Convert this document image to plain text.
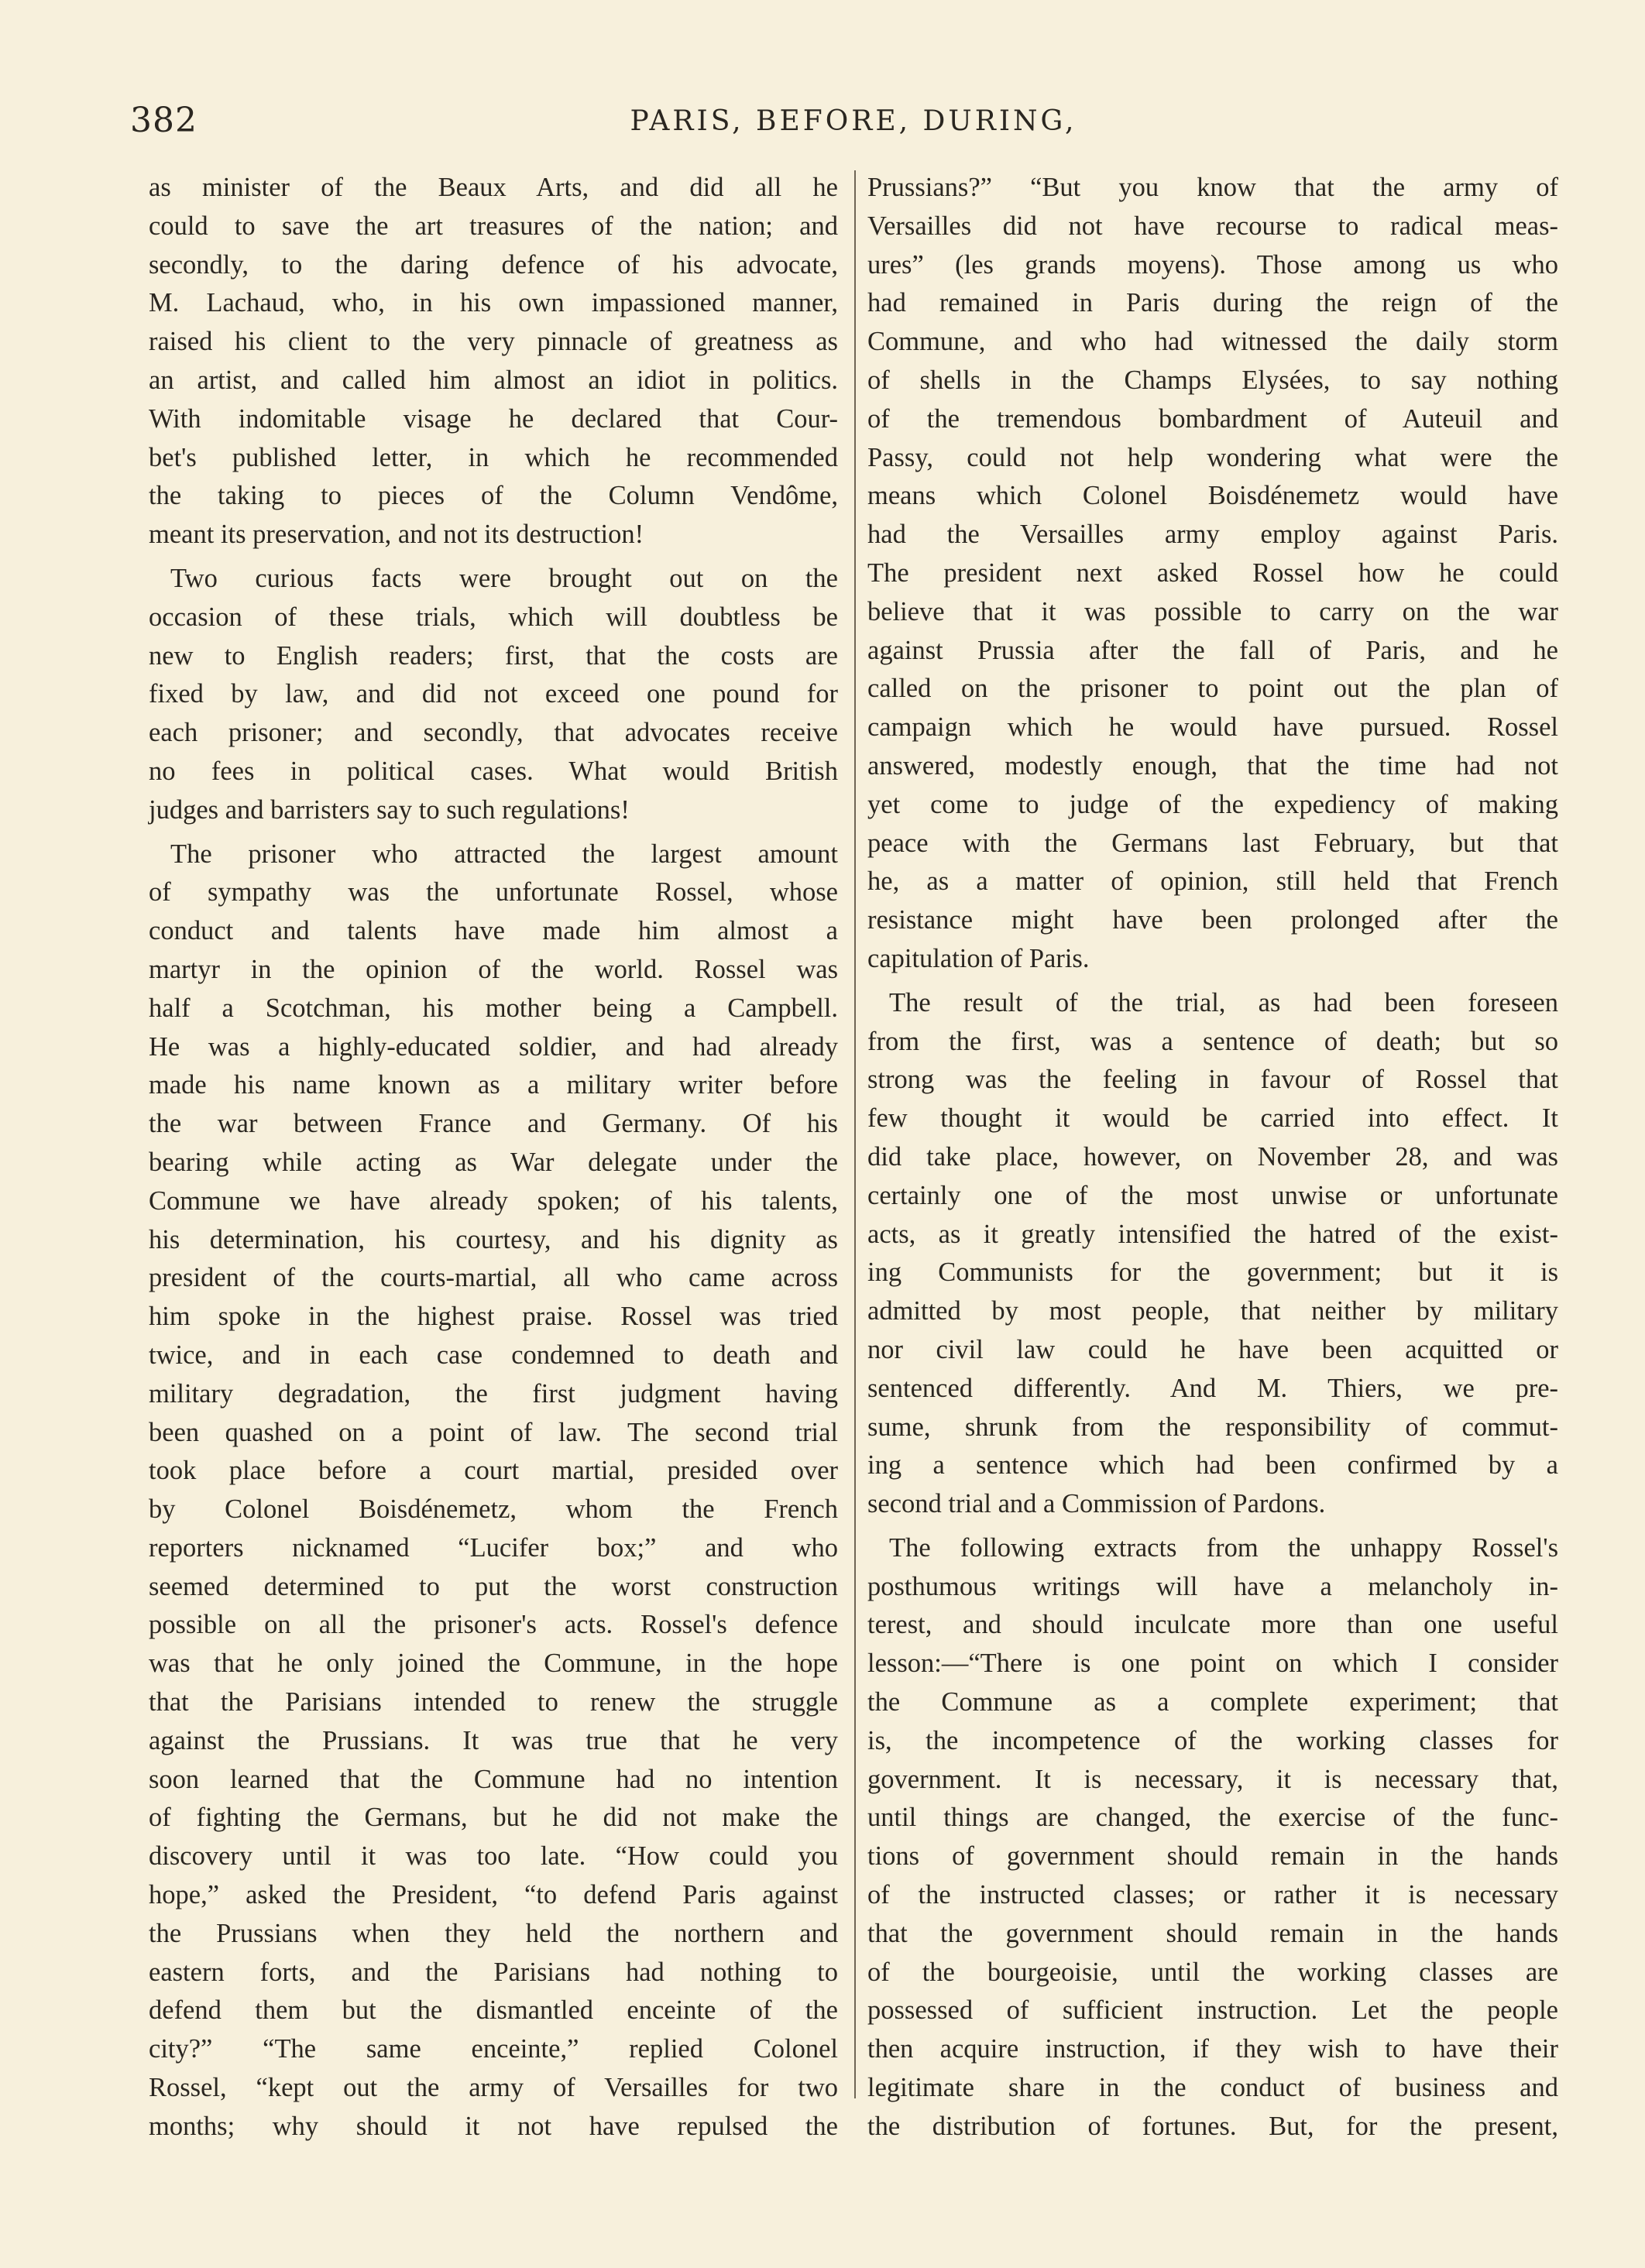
382	PARIS, BEFORE, DURING,
as minister of the Beaux Arts, and did all he
could to save the art treasures of the nation; and
secondly, to the daring defence of his advocate,
M. Lachaud, who, in his own impassioned manner,
raised his client to the very pinnacle of greatness as
an artist, and called him almost an idiot in politics.
With indomitable visage he declared that Cour-
bet's published letter, in which he recommended
the taking to pieces of the Column Vendôme,
meant its preservation, and not its destruction!
Two curious facts were brought out on the
occasion of these trials, which will doubtless be
new to English readers; first, that the costs are
fixed by law, and did not exceed one pound for
each prisoner; and secondly, that advocates receive
no fees in political cases. What would British
judges and barristers say to such regulations!
The prisoner who attracted the largest amount
of sympathy was the unfortunate Rossel, whose
conduct and talents have made him almost a
martyr in the opinion of the world. Rossel was
half a Scotchman, his mother being a Campbell.
He was a highly-educated soldier, and had already
made his name known as a military writer before
the war between France and Germany. Of his
bearing while acting as War delegate under the
Commune we have already spoken; of his talents,
his determination, his courtesy, and his dignity as
president of the courts-martial, all who came across
him spoke in the highest praise. Rossel was tried
twice, and in each case condemned to death and
military degradation, the first judgment having
been quashed on a point of law. The second trial
took place before a court martial, presided over
by Colonel Boisdénemetz, whom the French
reporters nicknamed “Lucifer box;” and who
seemed determined to put the worst construction
possible on all the prisoner's acts. Rossel's defence
was that he only joined the Commune, in the hope
that the Parisians intended to renew the struggle
against the Prussians. It was true that he very
soon learned that the Commune had no intention
of fighting the Germans, but he did not make the
discovery until it was too late. “How could you
hope,” asked the President, “to defend Paris against
the Prussians when they held the northern and
eastern forts, and the Parisians had nothing to
defend them but the dismantled enceinte of the
city?” “The same enceinte,” replied Colonel
Rossel, “kept out the army of Versailles for two
months; why should it not have repulsed the
Prussians?” “But you know that the army of
Versailles did not have recourse to radical meas-
ures” (les grands moyens). Those among us who
had remained in Paris during the reign of the
Commune, and who had witnessed the daily storm
of shells in the Champs Elysées, to say nothing
of the tremendous bombardment of Auteuil and
Passy, could not help wondering what were the
means which Colonel Boisdénemetz would have
had the Versailles army employ against Paris.
The president next asked Rossel how he could
believe that it was possible to carry on the war
against Prussia after the fall of Paris, and he
called on the prisoner to point out the plan of
campaign which he would have pursued. Rossel
answered, modestly enough, that the time had not
yet come to judge of the expediency of making
peace with the Germans last February, but that
he, as a matter of opinion, still held that French
resistance might have been prolonged after the
capitulation of Paris.
The result of the trial, as had been foreseen
from the first, was a sentence of death; but so
strong was the feeling in favour of Rossel that
few thought it would be carried into effect. It
did take place, however, on November 28, and was
certainly one of the most unwise or unfortunate
acts, as it greatly intensified the hatred of the exist-
ing Communists for the government; but it is
admitted by most people, that neither by military
nor civil law could he have been acquitted or
sentenced differently. And M. Thiers, we pre-
sume, shrunk from the responsibility of commut-
ing a sentence which had been confirmed by a
second trial and a Commission of Pardons.
The following extracts from the unhappy Rossel's
posthumous writings will have a melancholy in-
terest, and should inculcate more than one useful
lesson:—“There is one point on which I consider
the Commune as a complete experiment; that
is, the incompetence of the working classes for
government. It is necessary, it is necessary that,
until things are changed, the exercise of the func-
tions of government should remain in the hands
of the instructed classes; or rather it is necessary
that the government should remain in the hands
of the bourgeoisie, until the working classes are
possessed of sufficient instruction. Let the people
then acquire instruction, if they wish to have their
legitimate share in the conduct of business and
the distribution of fortunes. But, for the present,
